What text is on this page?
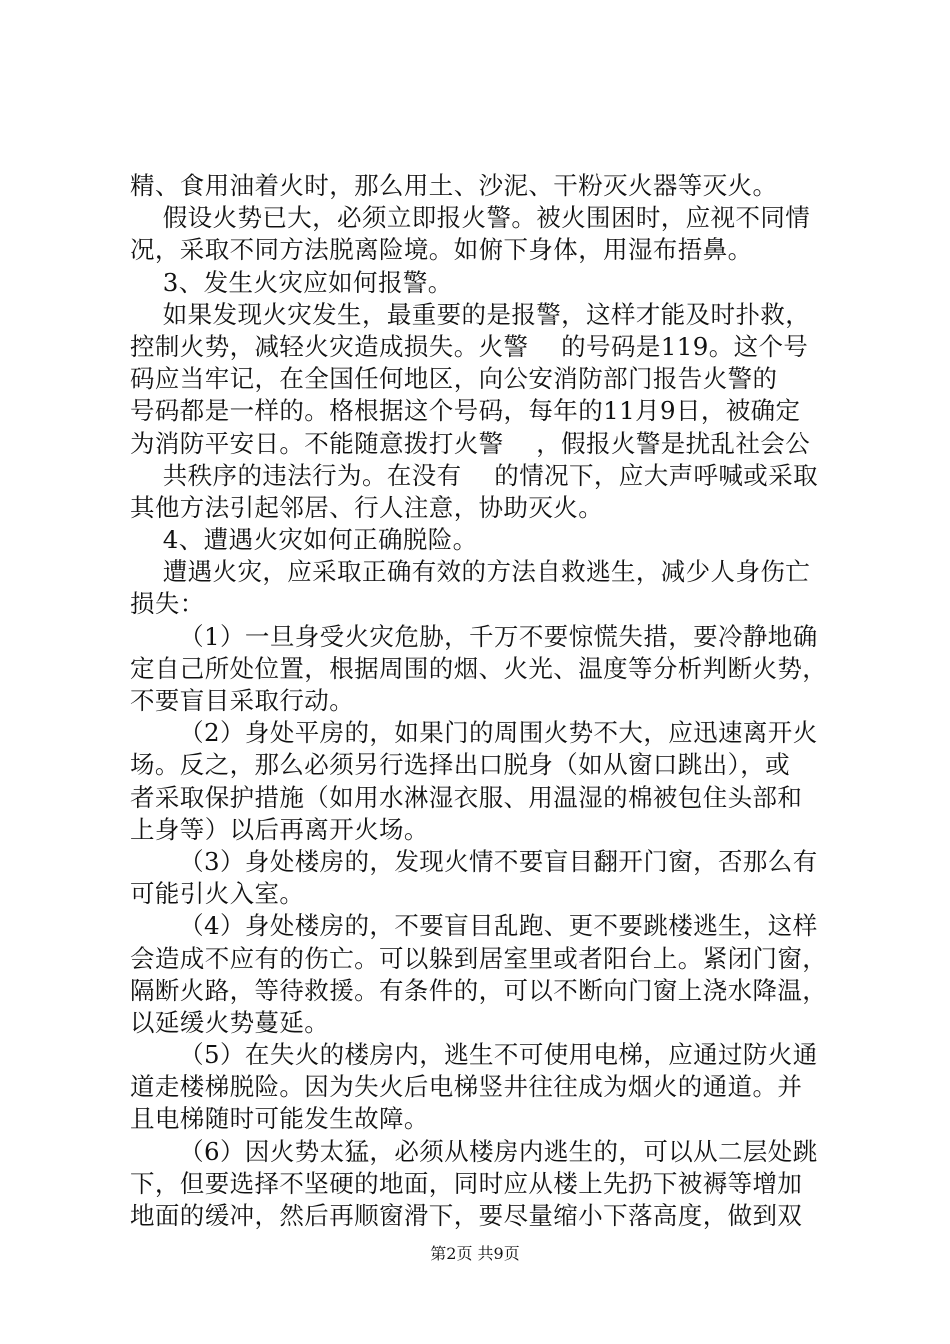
精、食用油着火时，那么用土、沙泥、干粉灭火器等灭火。
假设火势已大，必须立即报火警。被火围困时，应视不同情
况，采取不同方法脱离险境。如俯下身体，用湿布捂鼻。
3、发生火灾应如何报警。
如果发现火灾发生，最重要的是报警，这样才能及时扑救，
控制火势，减轻火灾造成损失。火警    的号码是119。这个号
码应当牢记，在全国任何地区，向公安消防部门报告火警的
号码都是一样的。格根据这个号码，每年的11月9日，被确定
为消防平安日。不能随意拨打火警    ，假报火警是扰乱社会公
共秩序的违法行为。在没有    的情况下，应大声呼喊或采取
其他方法引起邻居、行人注意，协助灭火。
4、遭遇火灾如何正确脱险。
遭遇火灾，应采取正确有效的方法自救逃生，减少人身伤亡
损失：
（1）一旦身受火灾危胁，千万不要惊慌失措，要冷静地确
定自己所处位置，根据周围的烟、火光、温度等分析判断火势，
不要盲目采取行动。
（2）身处平房的，如果门的周围火势不大，应迅速离开火
场。反之，那么必须另行选择出口脱身（如从窗口跳出），或
者采取保护措施（如用水淋湿衣服、用温湿的棉被包住头部和
上身等）以后再离开火场。
（3）身处楼房的，发现火情不要盲目翻开门窗，否那么有
可能引火入室。
（4）身处楼房的，不要盲目乱跑、更不要跳楼逃生，这样
会造成不应有的伤亡。可以躲到居室里或者阳台上。紧闭门窗，
隔断火路，等待救援。有条件的，可以不断向门窗上浇水降温，
以延缓火势蔓延。
（5）在失火的楼房内，逃生不可使用电梯，应通过防火通
道走楼梯脱险。因为失火后电梯竖井往往成为烟火的通道。并
且电梯随时可能发生故障。
（6）因火势太猛，必须从楼房内逃生的，可以从二层处跳
下，但要选择不坚硬的地面，同时应从楼上先扔下被褥等增加
地面的缓冲，然后再顺窗滑下，要尽量缩小下落高度，做到双
第2页 共9页
